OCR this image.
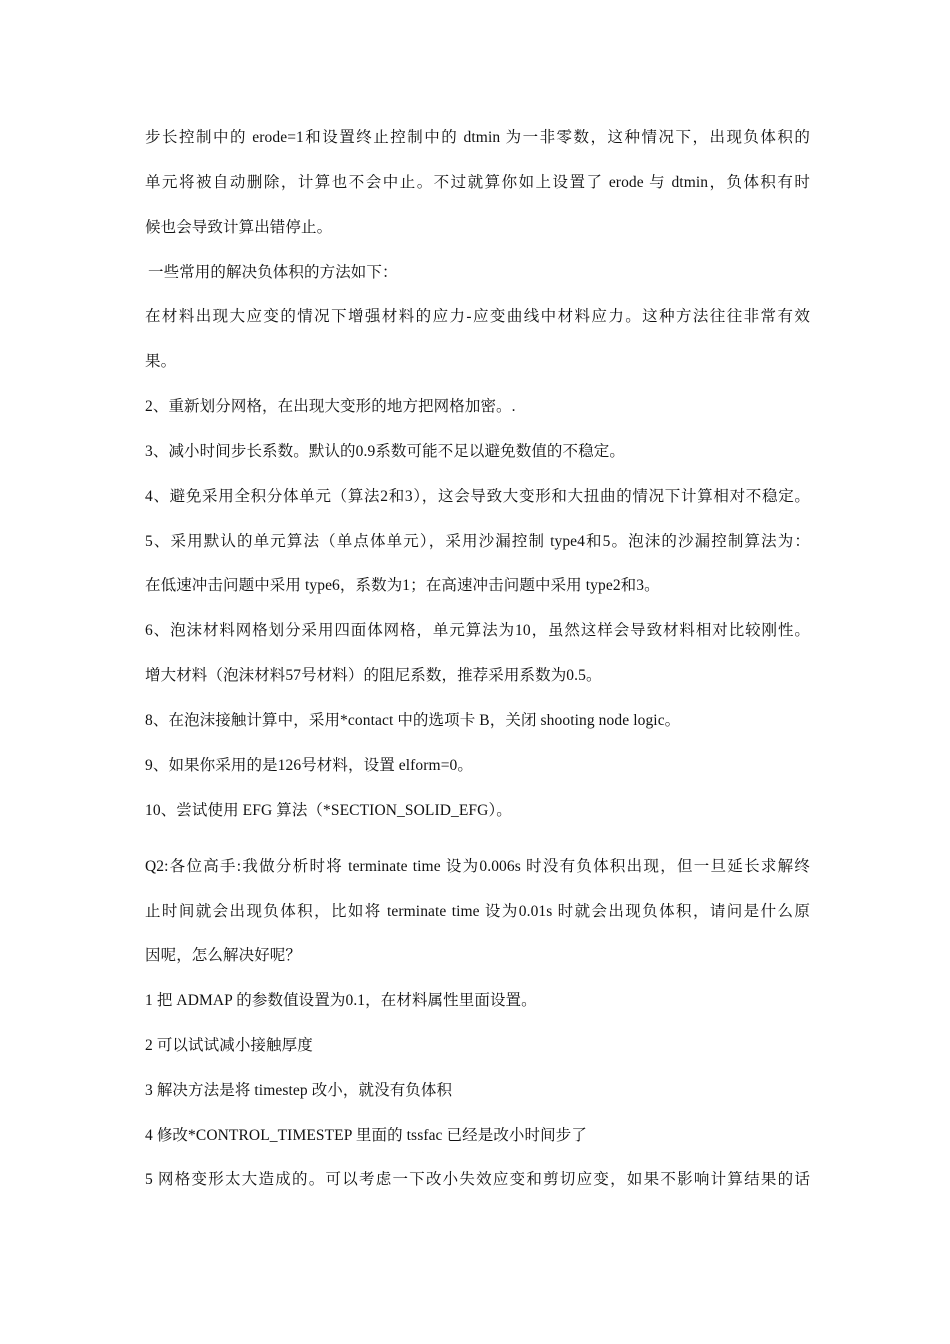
步长控制中的 erode=1和设置终止控制中的 dtmin 为一非零数，这种情况下，出现负体积的
单元将被自动删除，计算也不会中止。不过就算你如上设置了 erode 与 dtmin，负体积有时
候也会导致计算出错停止。
一些常用的解决负体积的方法如下：
在材料出现大应变的情况下增强材料的应力-应变曲线中材料应力。这种方法往往非常有效
果。
2、重新划分网格，在出现大变形的地方把网格加密。.
3、减小时间步长系数。默认的0.9系数可能不足以避免数值的不稳定。
4、避免采用全积分体单元（算法2和3），这会导致大变形和大扭曲的情况下计算相对不稳定。
5、采用默认的单元算法（单点体单元），采用沙漏控制 type4和5。泡沫的沙漏控制算法为：
在低速冲击问题中采用 type6，系数为1；在高速冲击问题中采用 type2和3。
6、泡沫材料网格划分采用四面体网格，单元算法为10，虽然这样会导致材料相对比较刚性。
增大材料（泡沫材料57号材料）的阻尼系数，推荐采用系数为0.5。
8、在泡沫接触计算中，采用*contact 中的选项卡 B，关闭 shooting node logic。
9、如果你采用的是126号材料，设置 elform=0。
10、尝试使用 EFG 算法（*SECTION_SOLID_EFG）。
Q2:各位高手:我做分析时将 terminate time 设为0.006s 时没有负体积出现，但一旦延长求解终
止时间就会出现负体积，比如将 terminate time 设为0.01s 时就会出现负体积，请问是什么原
因呢，怎么解决好呢？
1 把 ADMAP 的参数值设置为0.1，在材料属性里面设置。
2 可以试试减小接触厚度
3 解决方法是将 timestep 改小，就没有负体积
4 修改*CONTROL_TIMESTEP 里面的 tssfac 已经是改小时间步了
5 网格变形太大造成的。可以考虑一下改小失效应变和剪切应变，如果不影响计算结果的话
